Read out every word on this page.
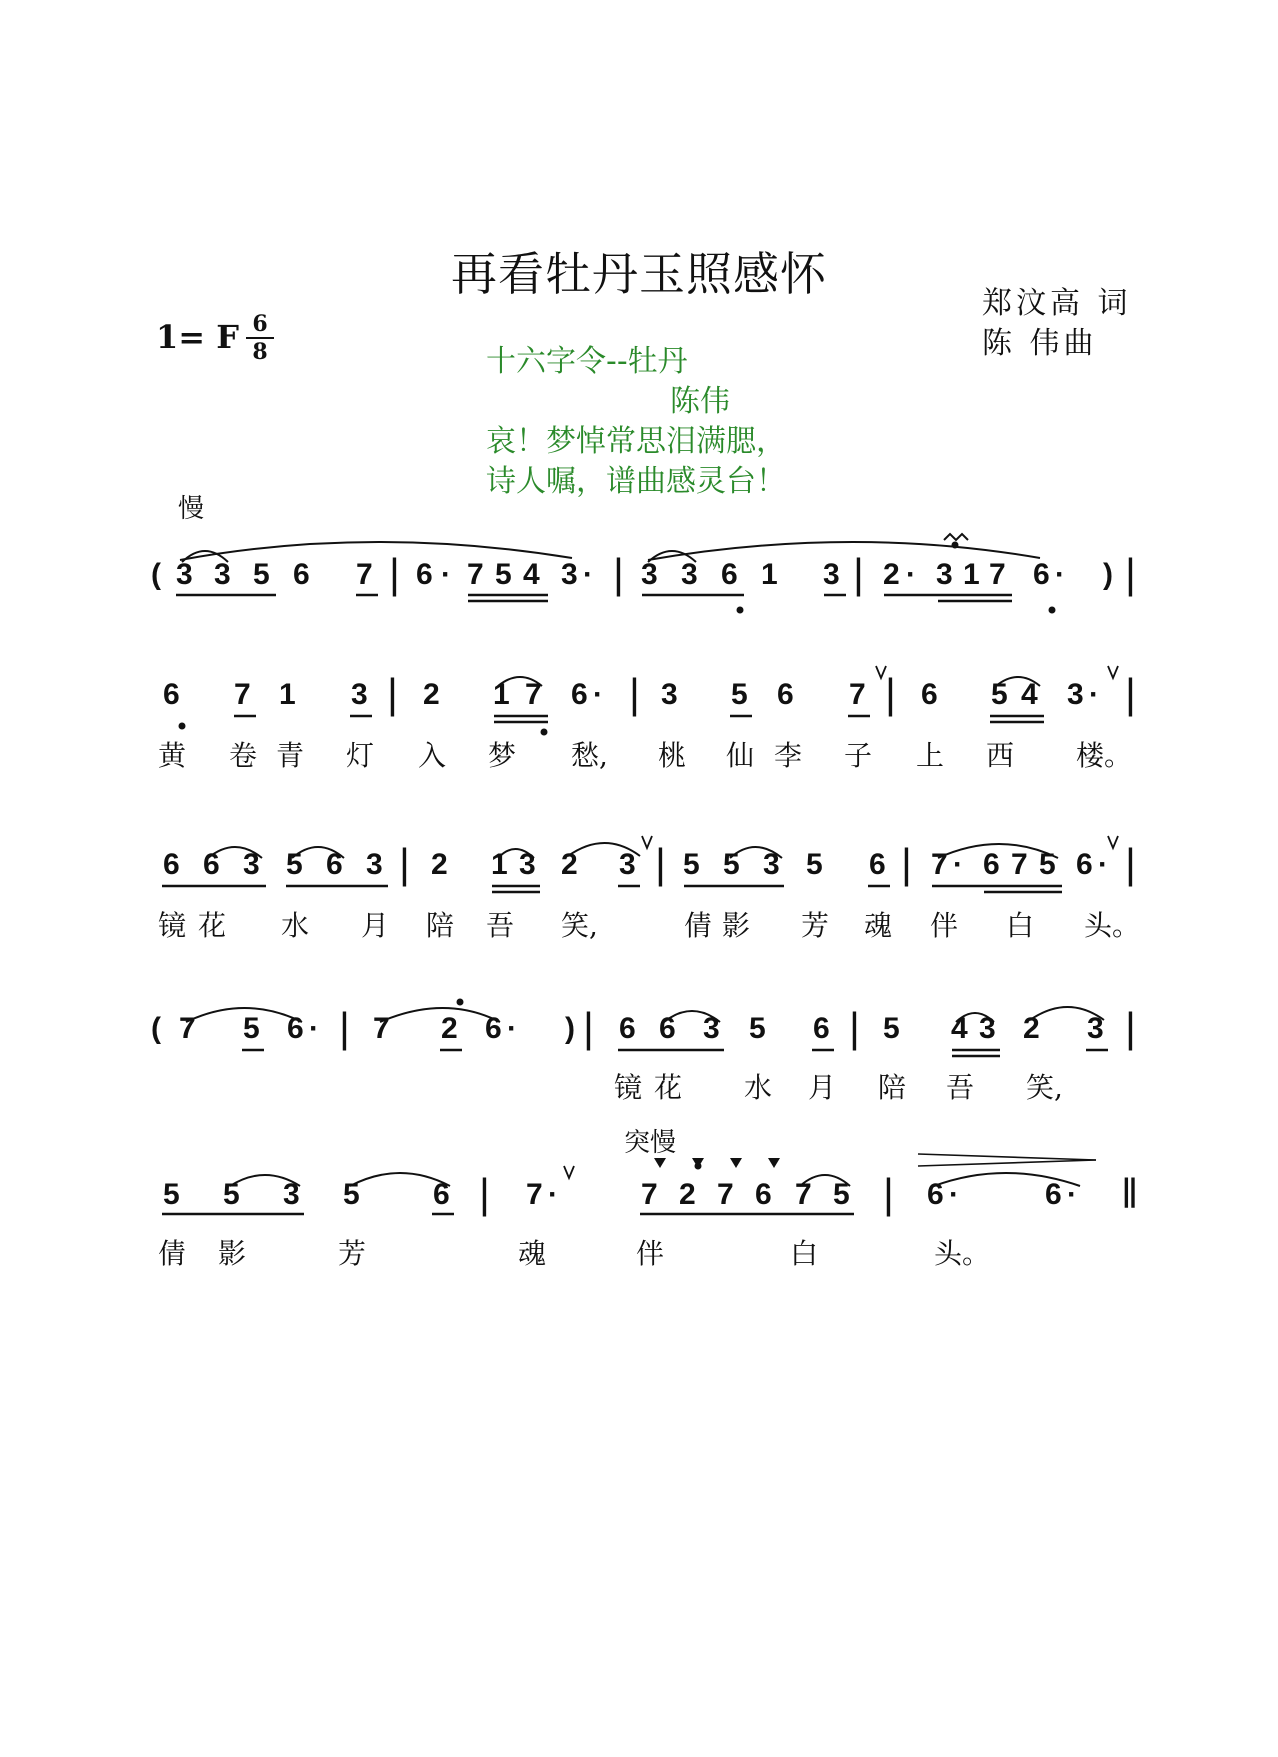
再看牡丹玉照感怀
郑汶高 词
陈 伟曲
1= F 6
8	十六字令--牡丹
陈伟
哀！梦悼常思泪满腮，
诗人嘱，谱曲感灵台！
慢
突慢
( 3 3 5 6 7 | 6 · 7 5 4 3 · | 3 3 6 1 3 | 2 · 3 1 7 6 · ) |
6 7 1 3 | 2 1 7 6 · | 3 5 6 7 | 6 5 4 3 · |
黄 卷 青 灯 入 梦 愁, 桃 仙 李 子 上 西 楼。
6 6 3 5 6 3 | 2 1 3 2 3 | 5 5 3 5 6 | 7 · 6 7 5 6 · |
镜 花 水 月 陪 吾 笑,	倩 影 芳 魂 伴 白 头。
( 7 5 6 · | 7 2 6 · ) | 6 6 3 5 6 | 5 4 3 2 3 |
镜 花 水 月 陪 吾 笑,
5 5 3 5 6 | 7 ·	7 2 7 6 7 5 | 6 ·	6 · ‖
倩 影	芳	魂	伴	白	头。
